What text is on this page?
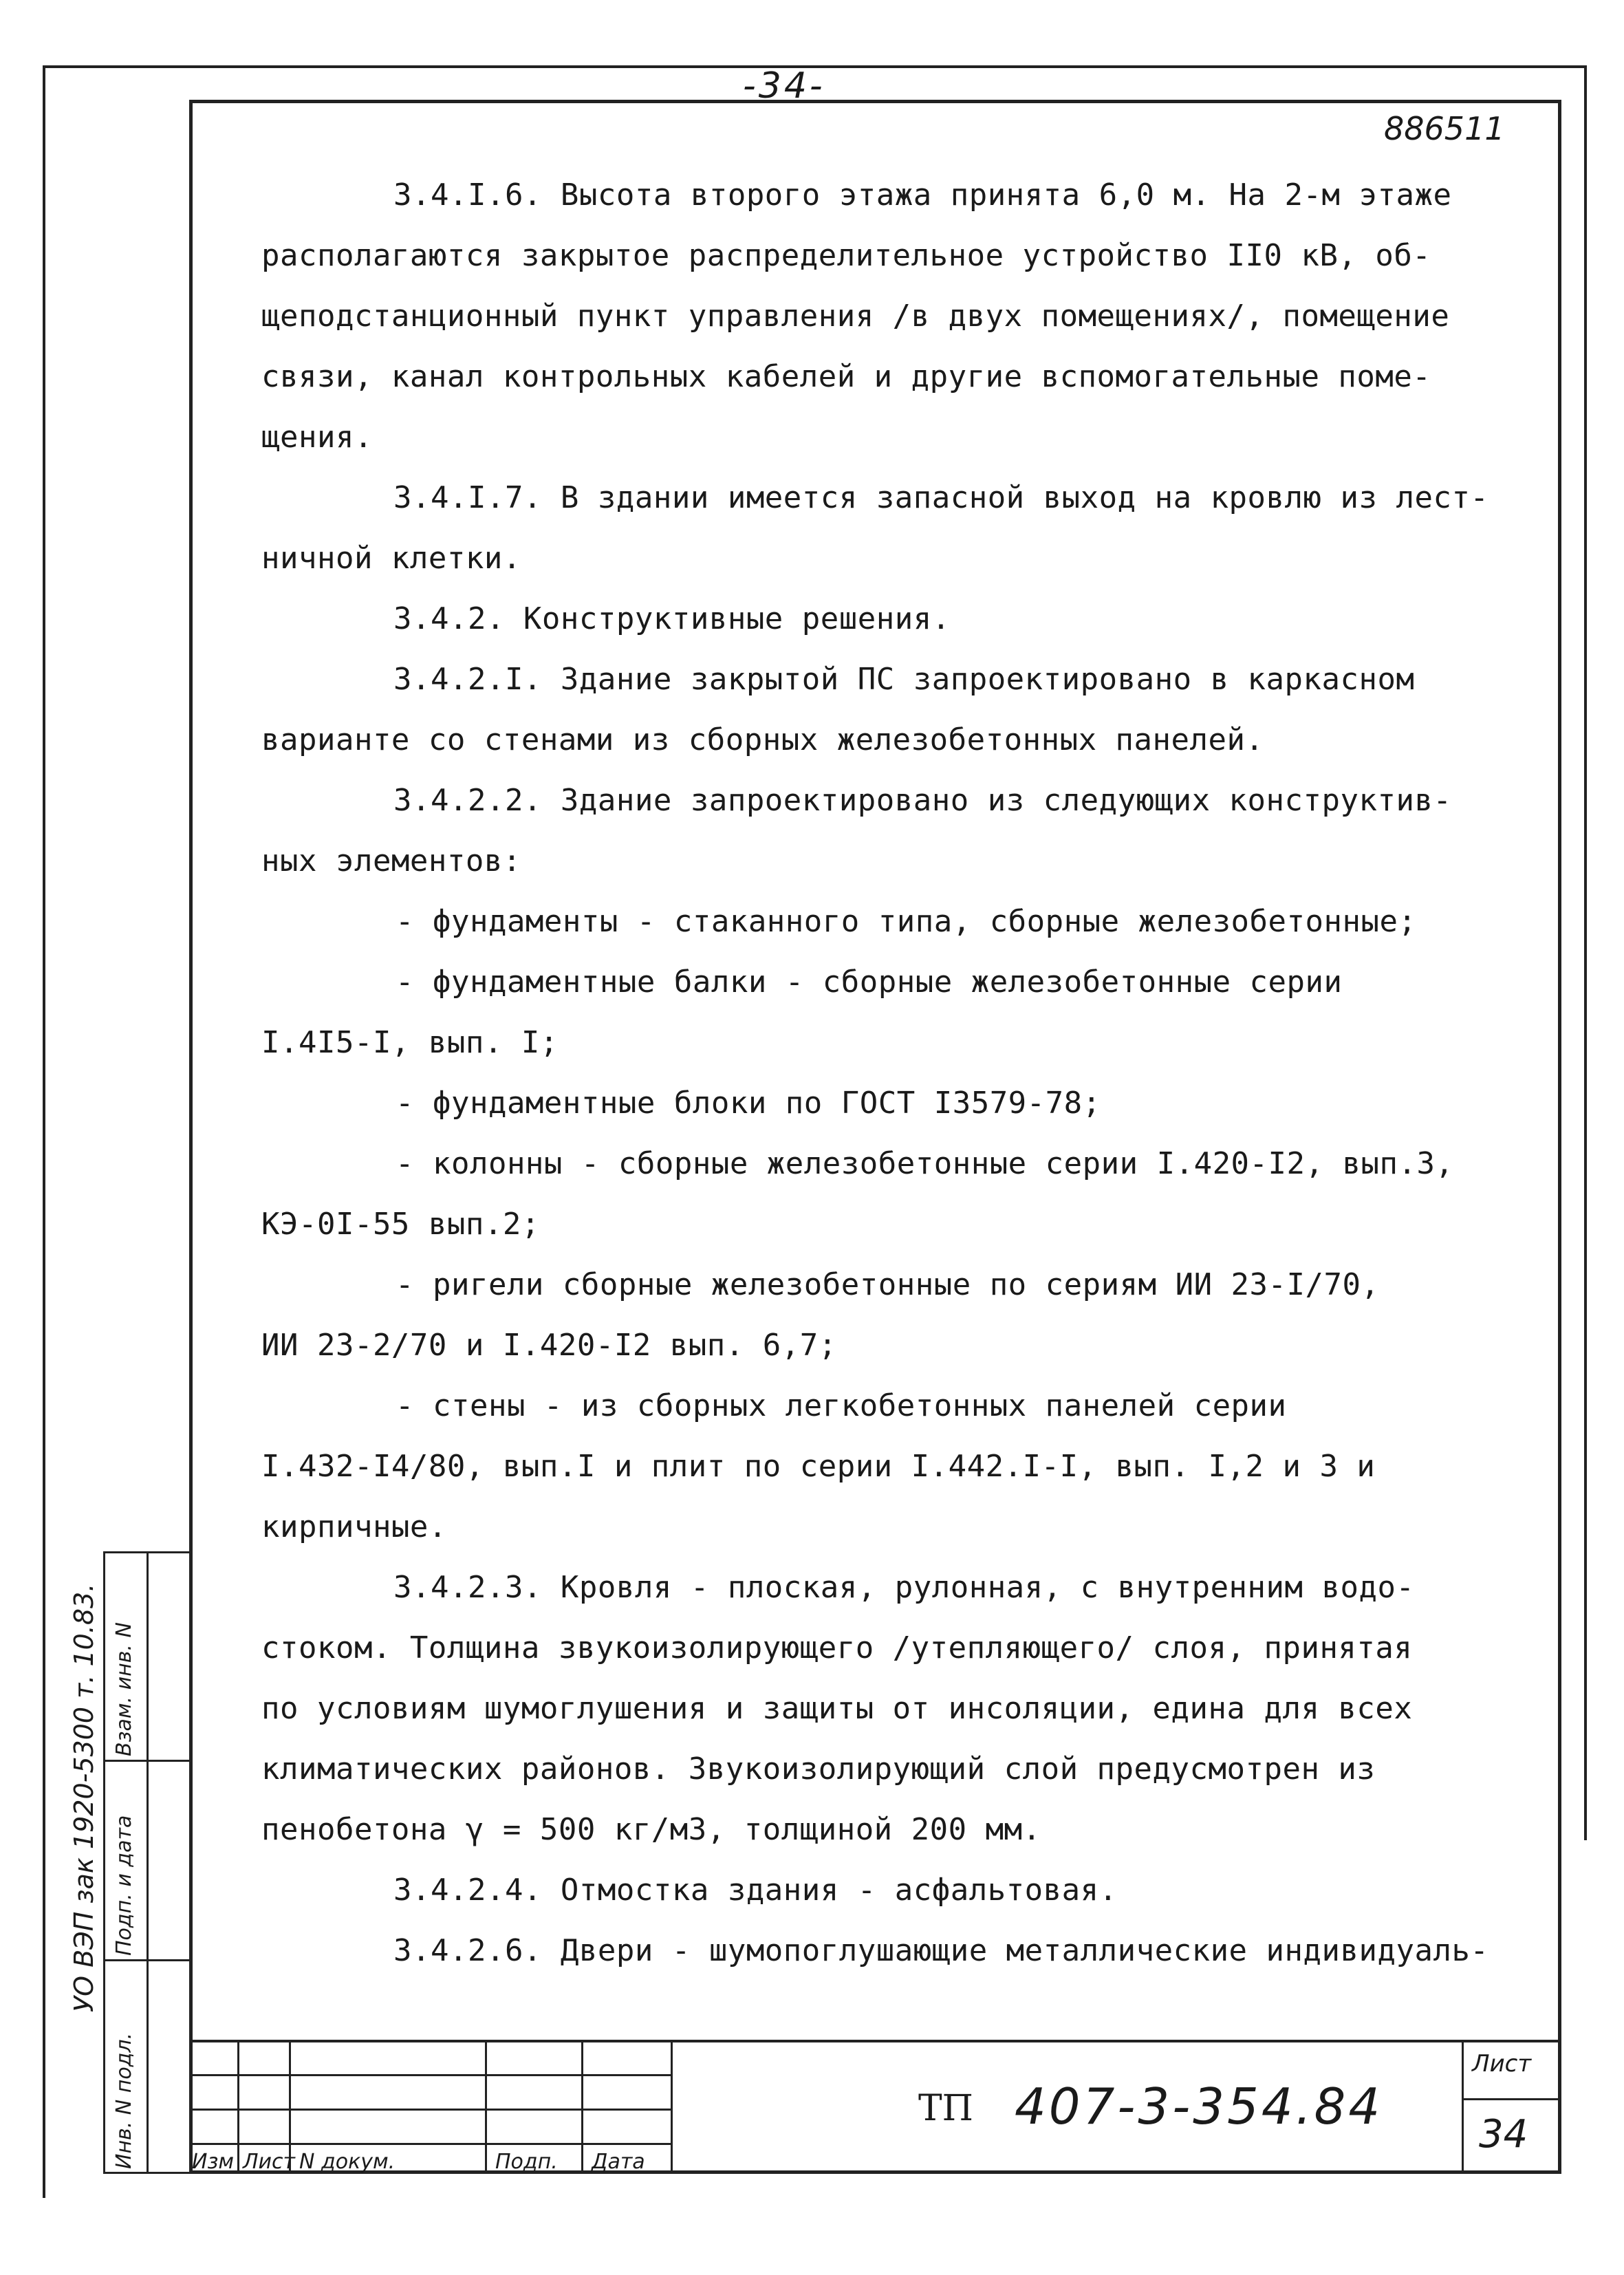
-34-
886511
3.4.I.6. Высота второго этажа принята 6,0 м. На 2-м этаже
располагаются закрытое распределительное устройство II0 кВ, об-
щеподстанционный пункт управления /в двух помещениях/, помещение
связи, канал контрольных кабелей и другие вспомогательные поме-
щения.
3.4.I.7. В здании имеется запасной выход на кровлю из лест-
ничной клетки.
3.4.2. Конструктивные решения.
3.4.2.I. Здание закрытой ПС запроектировано в каркасном
варианте со стенами из сборных железобетонных панелей.
3.4.2.2. Здание запроектировано из следующих конструктив-
ных элементов:
- фундаменты - стаканного типа, сборные железобетонные;
- фундаментные балки - сборные железобетонные серии
I.4I5-I, вып. I;
- фундаментные блоки по ГОСТ I3579-78;
- колонны - сборные железобетонные серии I.420-I2, вып.3,
КЭ-0I-55 вып.2;
- ригели сборные железобетонные по сериям ИИ 23-I/70,
ИИ 23-2/70 и I.420-I2 вып. 6,7;
- стены - из сборных легкобетонных панелей серии
I.432-I4/80, вып.I и плит по серии I.442.I-I, вып. I,2 и 3 и
кирпичные.
3.4.2.3. Кровля - плоская, рулонная, с внутренним водо-
стоком. Толщина звукоизолирующего /утепляющего/ слоя, принятая
по условиям шумоглушения и защиты от инсоляции, едина для всех
климатических районов. Звукоизолирующий слой предусмотрен из
пенобетона γ = 500 кг/м3, толщиной 200 мм.
3.4.2.4. Отмостка здания - асфальтовая.
3.4.2.6. Двери - шумопоглушающие металлические индивидуаль-
Взам. инв. N
Подп. и дата
Инв. N подл.
УО ВЭП зак 1920-5300 т. 10.83.
Изм Лист N докум.	Подп. Дата
ТП 407-3-354.84
Лист
34
